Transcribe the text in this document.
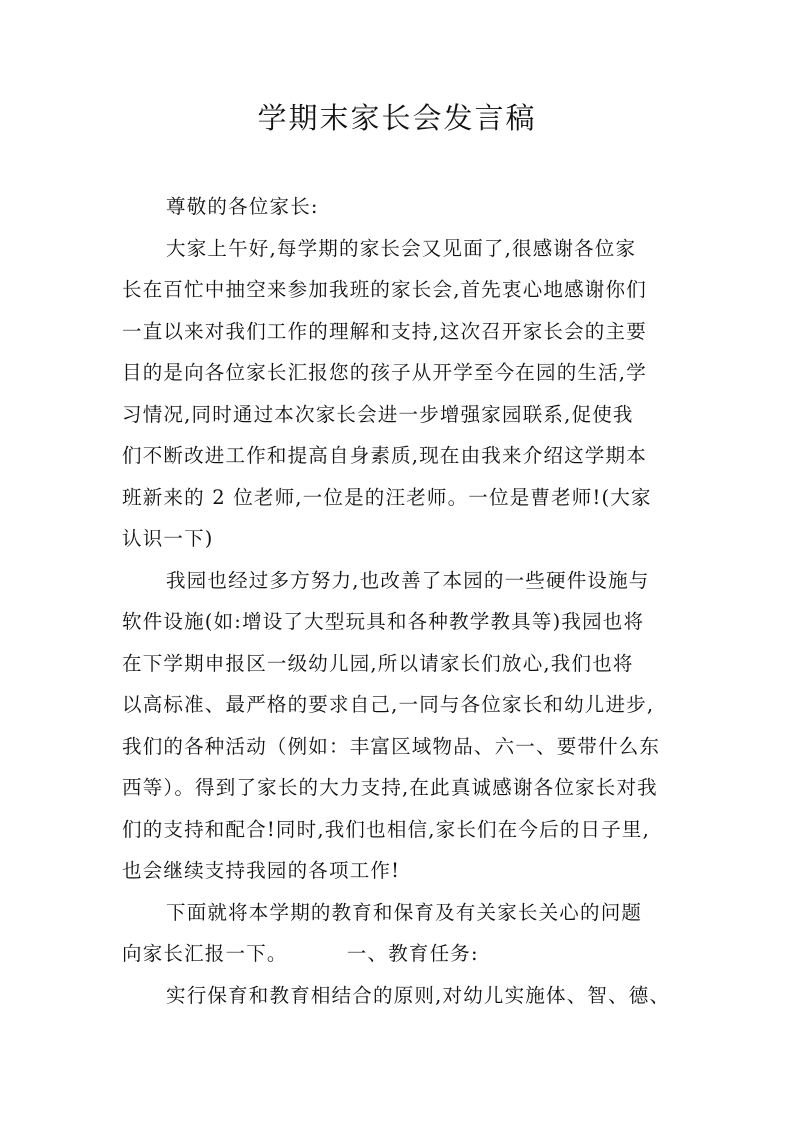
学期末家长会发言稿
尊敬的各位家长:
大家上午好,每学期的家长会又见面了,很感谢各位家
长在百忙中抽空来参加我班的家长会,首先衷心地感谢你们
一直以来对我们工作的理解和支持,这次召开家长会的主要
目的是向各位家长汇报您的孩子从开学至今在园的生活,学
习情况,同时通过本次家长会进一步增强家园联系,促使我
们不断改进工作和提高自身素质,现在由我来介绍这学期本
班新来的 2 位老师,一位是的汪老师。一位是曹老师!(大家
认识一下)
我园也经过多方努力,也改善了本园的一些硬件设施与
软件设施(如:增设了大型玩具和各种教学教具等)我园也将
在下学期申报区一级幼儿园,所以请家长们放心,我们也将
以高标准、最严格的要求自己,一同与各位家长和幼儿进步,
我们的各种活动（例如：丰富区域物品、六一、要带什么东
西等）。得到了家长的大力支持,在此真诚感谢各位家长对我
们的支持和配合!同时,我们也相信,家长们在今后的日子里,
也会继续支持我园的各项工作!
下面就将本学期的教育和保育及有关家长关心的问题
向家长汇报一下。        一、教育任务:
实行保育和教育相结合的原则,对幼儿实施体、智、德、
